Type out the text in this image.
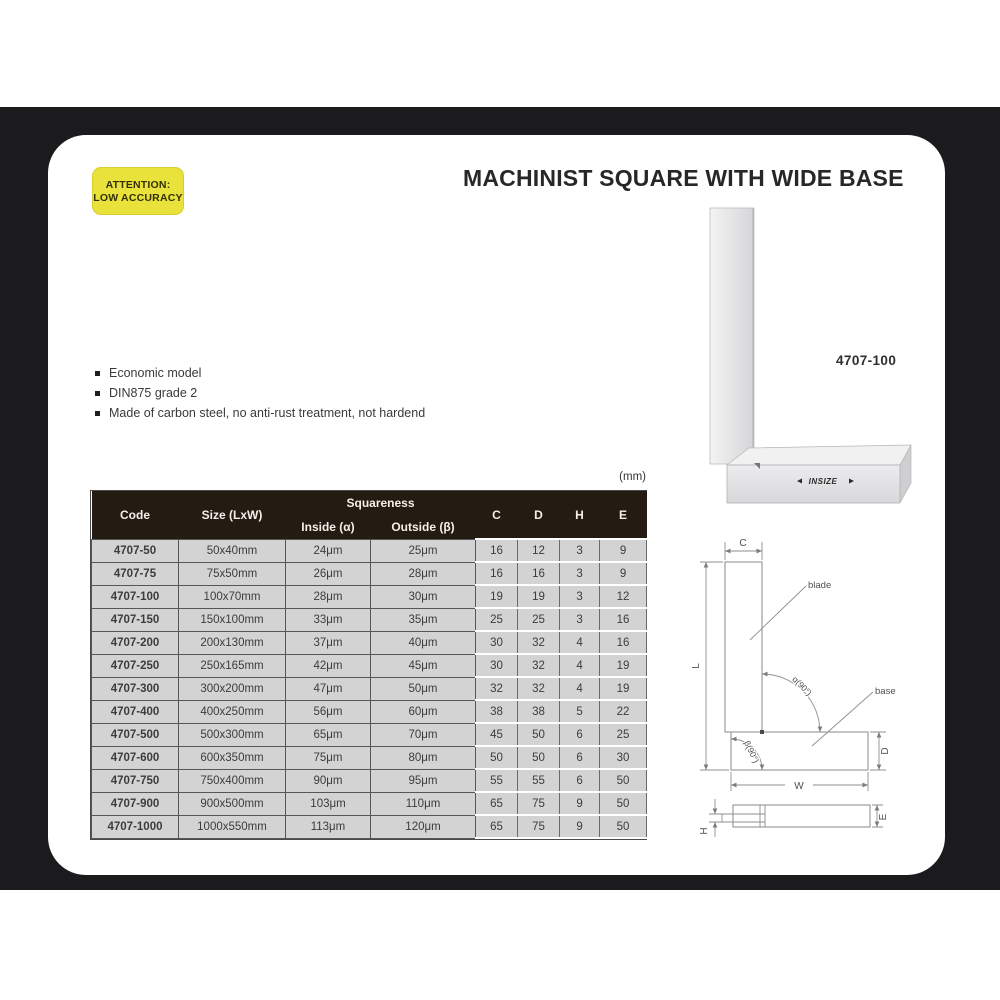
ATTENTION:
LOW ACCURACY
MACHINIST SQUARE WITH WIDE BASE
Economic model
DIN875 grade 2
Made of carbon steel, no anti-rust treatment, not hardend
INSIZE
4707-100
(mm)
Code	Size (LxW)	Squareness		C	D	H	E
		Inside (α)	Outside (β)				
4707-50	50x40mm	24μm	25μm	16	12	3	9
4707-75	75x50mm	26μm	28μm	16	16	3	9
4707-100	100x70mm	28μm	30μm	19	19	3	12
4707-150	150x100mm	33μm	35μm	25	25	3	16
4707-200	200x130mm	37μm	40μm	30	32	4	16
4707-250	250x165mm	42μm	45μm	30	32	4	19
4707-300	300x200mm	47μm	50μm	32	32	4	19
4707-400	400x250mm	56μm	60μm	38	38	5	22
4707-500	500x300mm	65μm	70μm	45	50	6	25
4707-600	600x350mm	75μm	80μm	50	50	6	30
4707-750	750x400mm	90μm	95μm	55	55	6	50
4707-900	900x500mm	103μm	110μm	65	75	9	50
4707-1000	1000x550mm	113μm	120μm	65	75	9	50
C
L
α(90°)
β(90°)
blade
base
D
W
H
E
